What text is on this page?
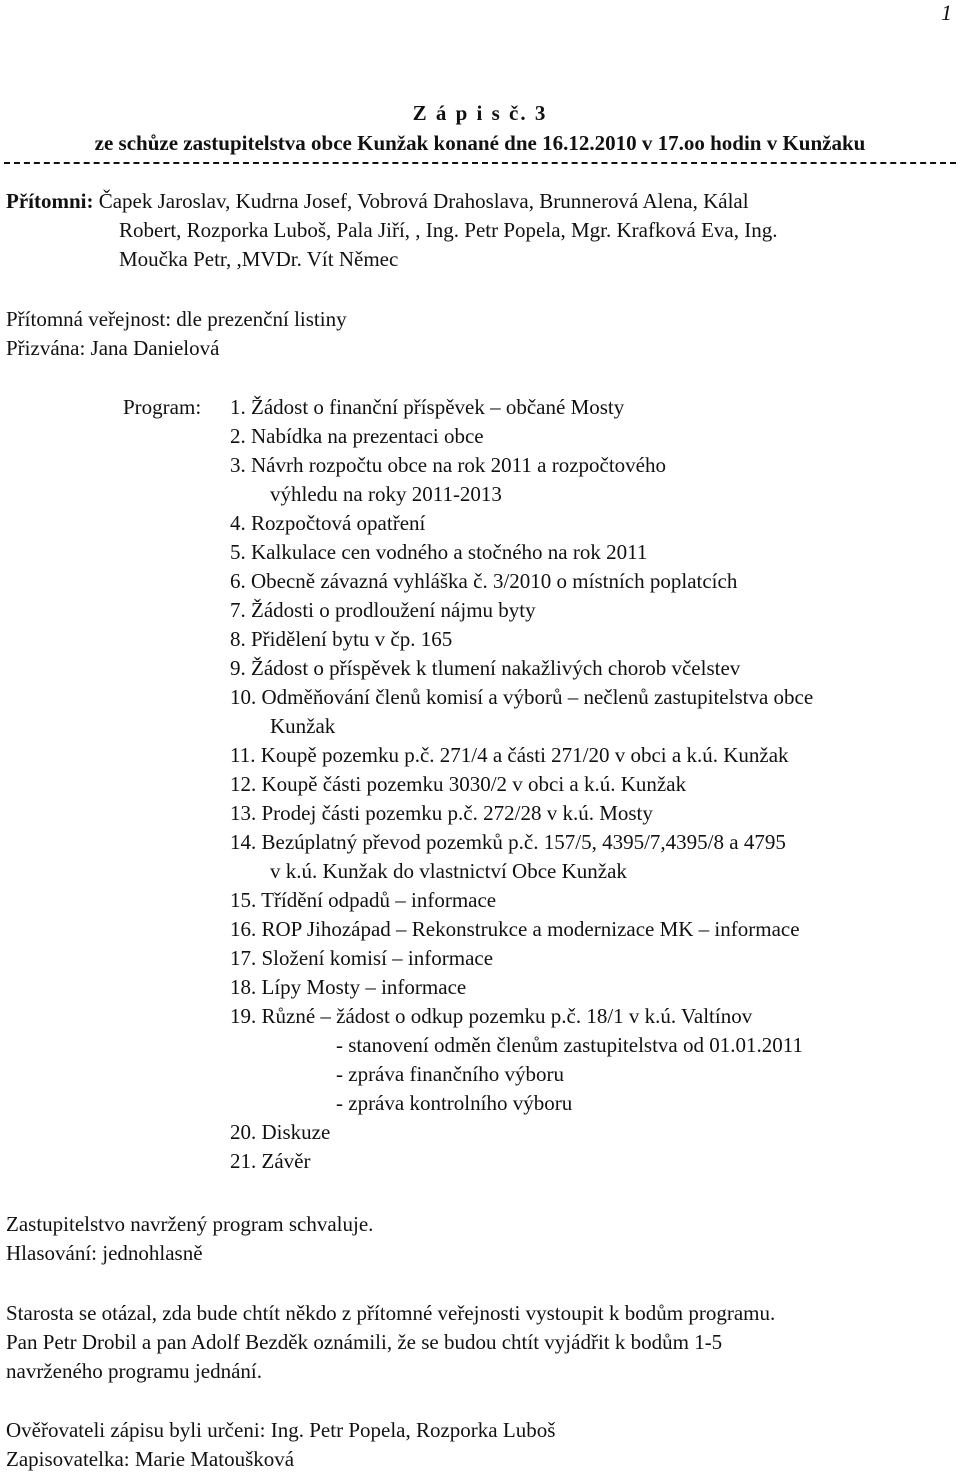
1
Z á p i s č. 3
ze schůze zastupitelstva obce Kunžak konané dne 16.12.2010 v 17.oo hodin v Kunžaku
Přítomni: Čapek Jaroslav, Kudrna Josef, Vobrová Drahoslava, Brunnerová Alena, Kálal
Robert, Rozporka Luboš, Pala Jiří, , Ing. Petr Popela, Mgr. Krafková Eva, Ing.
Moučka Petr, ,MVDr. Vít Němec
Přítomná veřejnost: dle prezenční listiny
Přizvána: Jana Danielová
Program: 1. Žádost o finanční příspěvek – občané Mosty
2. Nabídka na prezentaci obce
3. Návrh rozpočtu obce na rok 2011 a rozpočtového
výhledu na roky 2011-2013
4. Rozpočtová opatření
5. Kalkulace cen vodného a stočného na rok 2011
6. Obecně závazná vyhláška č. 3/2010 o místních poplatcích
7. Žádosti o prodloužení nájmu byty
8. Přidělení bytu v čp. 165
9. Žádost o příspěvek k tlumení nakažlivých chorob včelstev
10. Odměňování členů komisí a výborů – nečlenů zastupitelstva obce
Kunžak
11. Koupě pozemku p.č. 271/4 a části 271/20 v obci a k.ú. Kunžak
12. Koupě části pozemku 3030/2 v obci a k.ú. Kunžak
13. Prodej části pozemku p.č. 272/28 v k.ú. Mosty
14. Bezúplatný převod pozemků p.č. 157/5, 4395/7,4395/8 a 4795
v k.ú. Kunžak do vlastnictví Obce Kunžak
15. Třídění odpadů – informace
16. ROP Jihozápad – Rekonstrukce a modernizace MK – informace
17. Složení komisí – informace
18. Lípy Mosty – informace
19. Různé – žádost o odkup pozemku p.č. 18/1 v k.ú. Valtínov
- stanovení odměn členům zastupitelstva od 01.01.2011
- zpráva finančního výboru
- zpráva kontrolního výboru
20. Diskuze
21. Závěr
Zastupitelstvo navržený program schvaluje.
Hlasování: jednohlasně
Starosta se otázal, zda bude chtít někdo z přítomné veřejnosti vystoupit k bodům programu.
Pan Petr Drobil a pan Adolf Bezděk oznámili, že se budou chtít vyjádřit k bodům 1-5
navrženého programu jednání.
Ověřovateli zápisu byli určeni: Ing. Petr Popela, Rozporka Luboš
Zapisovatelka: Marie Matoušková
